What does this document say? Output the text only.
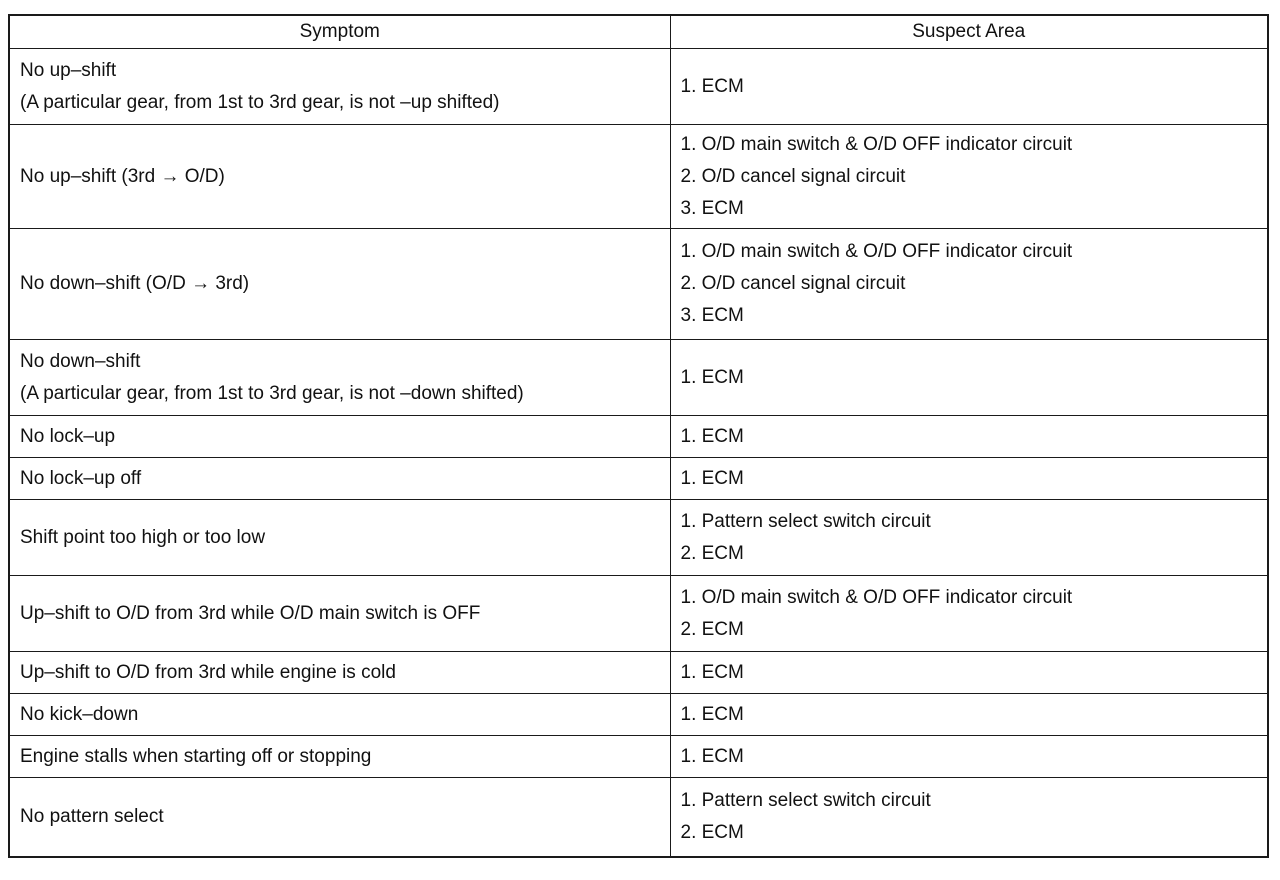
Symptom	Suspect Area

No up–shift
(A particular gear, from 1st to 3rd gear, is not –up shifted)	1. ECM

No up–shift (3rd → O/D)	1. O/D main switch & O/D OFF indicator circuit
2. O/D cancel signal circuit
3. ECM

No down–shift (O/D → 3rd)	1. O/D main switch & O/D OFF indicator circuit
2. O/D cancel signal circuit
3. ECM

No down–shift
(A particular gear, from 1st to 3rd gear, is not –down shifted)	1. ECM

No lock–up	1. ECM

No lock–up off	1. ECM

Shift point too high or too low	1. Pattern select switch circuit
2. ECM

Up–shift to O/D from 3rd while O/D main switch is OFF	1. O/D main switch & O/D OFF indicator circuit
2. ECM

Up–shift to O/D from 3rd while engine is cold	1. ECM

No kick–down	1. ECM

Engine stalls when starting off or stopping	1. ECM

No pattern select	1. Pattern select switch circuit
2. ECM
